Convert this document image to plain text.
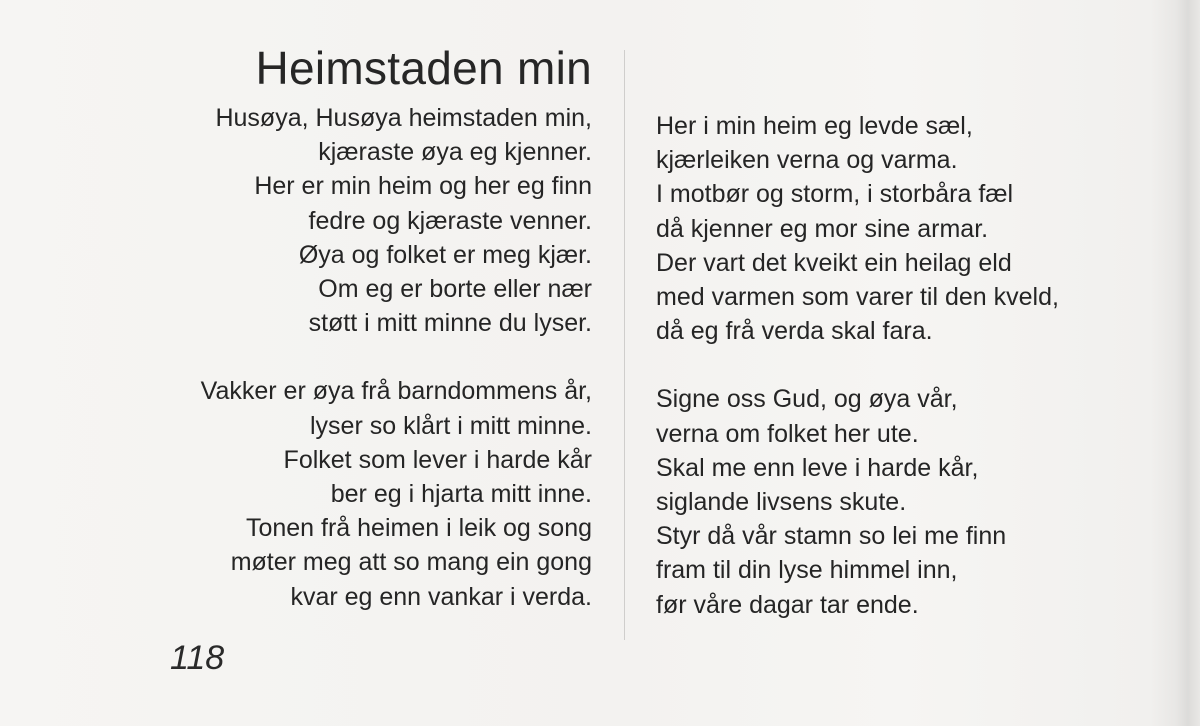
Heimstaden min
Husøya, Husøya heimstaden min,
kjæraste øya eg kjenner.
Her er min heim og her eg finn
fedre og kjæraste venner.
Øya og folket er meg kjær.
Om eg er borte eller nær
støtt i mitt minne du lyser.
Vakker er øya frå barndommens år,
lyser so klårt i mitt minne.
Folket som lever i harde kår
ber eg i hjarta mitt inne.
Tonen frå heimen i leik og song
møter meg att so mang ein gong
kvar eg enn vankar i verda.
Her i min heim eg levde sæl,
kjærleiken verna og varma.
I motbør og storm, i storbåra fæl
då kjenner eg mor sine armar.
Der vart det kveikt ein heilag eld
med varmen som varer til den kveld,
då eg frå verda skal fara.
Signe oss Gud, og øya vår,
verna om folket her ute.
Skal me enn leve i harde kår,
siglande livsens skute.
Styr då vår stamn so lei me finn
fram til din lyse himmel inn,
før våre dagar tar ende.
118
